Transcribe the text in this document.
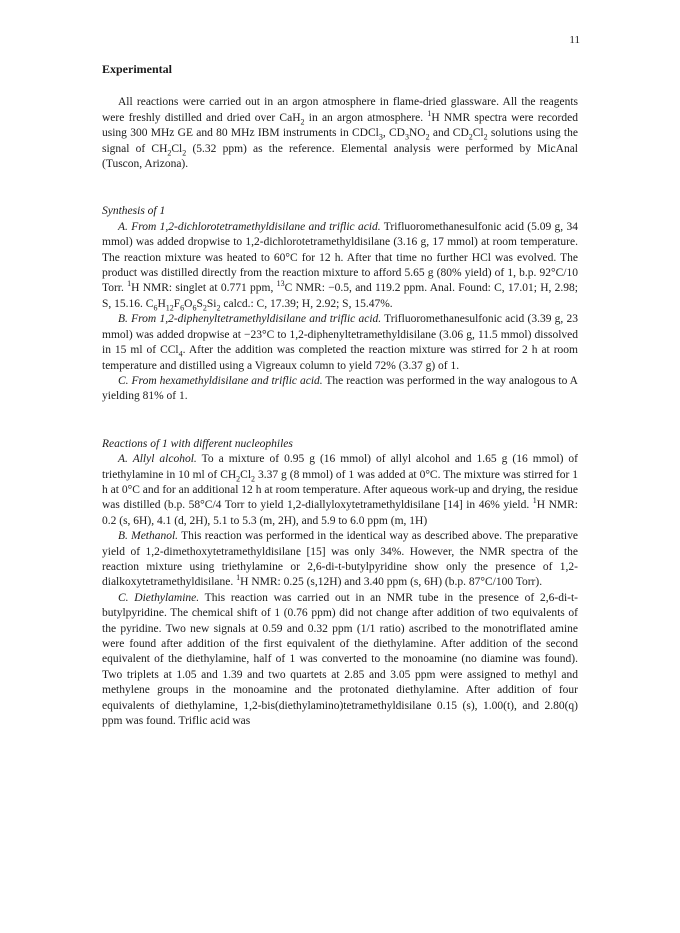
11
Experimental

All reactions were carried out in an argon atmosphere in flame-dried glassware. All the reagents were freshly distilled and dried over CaH$_2$ in an argon atmosphere. $^1$H NMR spectra were recorded using 300 MHz GE and 80 MHz IBM instruments in CDCl$_3$, $CD_3NO_2$ and $CD_2Cl_2$ solutions using the signal of $CH_2Cl_2$ (5.32 ppm) as the reference. Elemental analysis were performed by MicAnal (Tuscon, Arizona).

Synthesis of 1

A. From 1,2-dichlorotetramethyldisilane and triflic acid. Trifluoromethanesulfonic acid (5.09 g, 34 mmol) was added dropwise to 1,2-dichlorotetramethyldisilane (3.16 g, 17 mmol) at room temperature. The reaction mixture was heated to 60°C for 12 h. After that time no further HCl was evolved. The product was distilled directly from the reaction mixture to afford 5.65 g (80% yield) of 1, b.p. 92°C/10 Torr. $^1$H NMR: singlet at 0.771 ppm, $^{13}$C NMR: −0.5, and 119.2 ppm. Anal. Found: C, 17.01; H, 2.98; S, 15.16. $C_6H_{12}F_6O_6S_2Si_2$ calcd.: C, 17.39; H, 2.92; S, 15.47%.

B. From 1,2-diphenyltetramethyldisilane and triflic acid. Trifluoromethanesulfonic acid (3.39 g, 23 mmol) was added dropwise at −23°C to 1,2-diphenyltetramethyldisilane (3.06 g, 11.5 mmol) dissolved in 15 ml of CCl$_4$. After the addition was completed the reaction mixture was stirred for 2 h at room temperature and distilled using a Vigreaux column to yield 72% (3.37 g) of 1.

C. From hexamethyldisilane and triflic acid. The reaction was performed in the way analogous to A yielding 81% of 1.

Reactions of 1 with different nucleophiles

A. Allyl alcohol. To a mixture of 0.95 g (16 mmol) of allyl alcohol and 1.65 g (16 mmol) of triethylamine in 10 ml of $CH_2Cl_2$ 3.37 g (8 mmol) of 1 was added at 0°C. The mixture was stirred for 1 h at 0°C and for an additional 12 h at room temperature. After aqueous work-up and drying, the residue was distilled (b.p. 58°C/4 Torr to yield 1,2-diallyloxytetramethyldisilane [14] in 46% yield. $^1$H NMR: 0.2 (s, 6H), 4.1 (d, 2H), 5.1 to 5.3 (m, 2H), and 5.9 to 6.0 ppm (m, 1H)

B. Methanol. This reaction was performed in the identical way as described above. The preparative yield of 1,2-dimethoxytetramethyldisilane [15] was only 34%. However, the NMR spectra of the reaction mixture using triethylamine or 2,6-di-t-butylpyridine show only the presence of 1,2-dialkoxytetramethyldisilane. $^1$H NMR: 0.25 (s,12H) and 3.40 ppm (s, 6H) (b.p. 87°C/100 Torr).

C. Diethylamine. This reaction was carried out in an NMR tube in the presence of 2,6-di-t-butylpyridine. The chemical shift of 1 (0.76 ppm) did not change after addition of two equivalents of the pyridine. Two new signals at 0.59 and 0.32 ppm (1/1 ratio) ascribed to the monotriflated amine were found after addition of the first equivalent of the diethylamine. After addition of the second equivalent of the diethylamine, half of 1 was converted to the monoamine (no diamine was found). Two triplets at 1.05 and 1.39 and two quartets at 2.85 and 3.05 ppm were assigned to methyl and methylene groups in the monoamine and the protonated diethylamine. After addition of four equivalents of diethylamine, 1,2-bis(diethylamino)tetramethyldisilane 0.15 (s), 1.00(t), and 2.80(q) ppm was found. Triflic acid was
